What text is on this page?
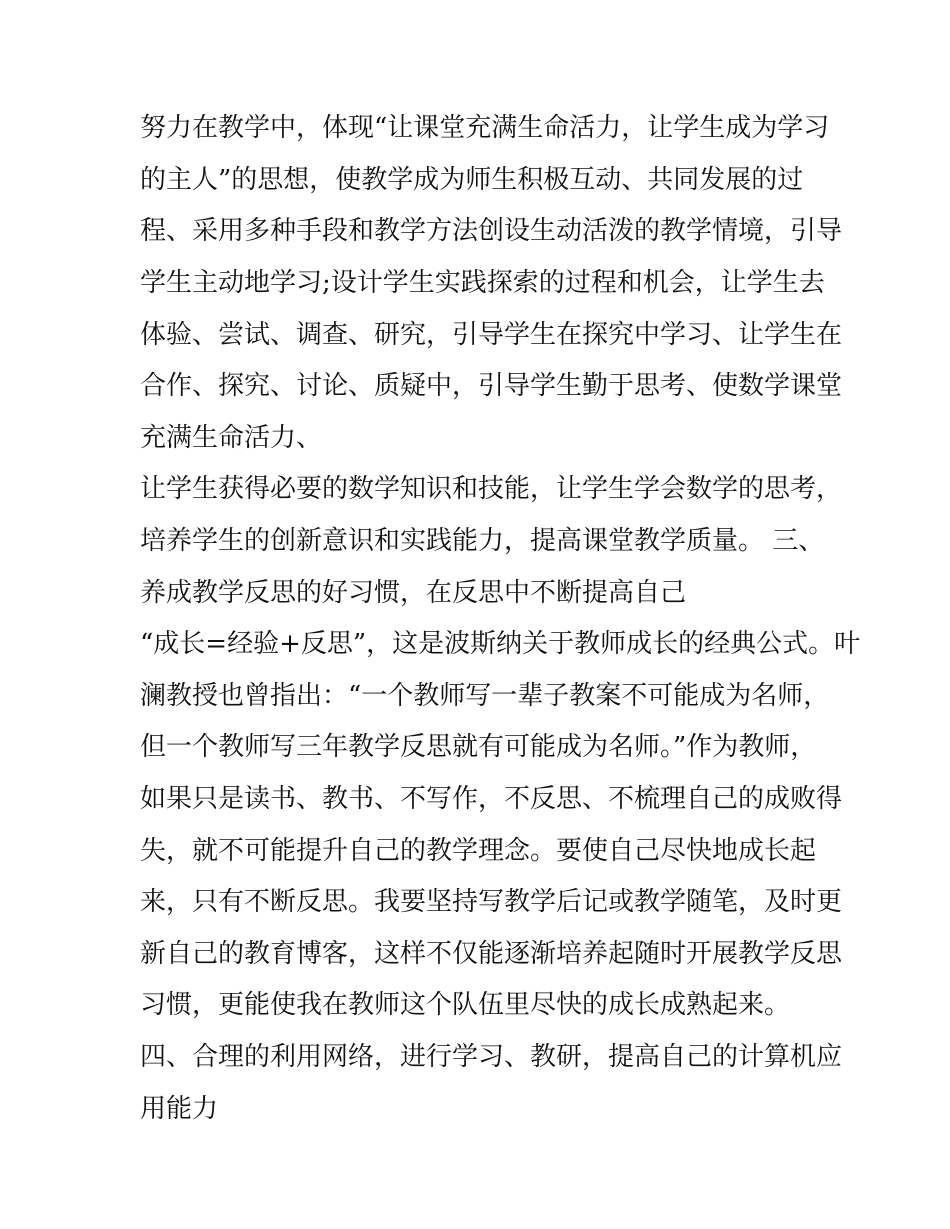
努力在教学中，体现“让课堂充满生命活力，让学生成为学习
的主人”的思想，使教学成为师生积极互动、共同发展的过
程、采用多种手段和教学方法创设生动活泼的教学情境，引导
学生主动地学习;设计学生实践探索的过程和机会，让学生去
体验、尝试、调查、研究，引导学生在探究中学习、让学生在
合作、探究、讨论、质疑中，引导学生勤于思考、使数学课堂
充满生命活力、
让学生获得必要的数学知识和技能，让学生学会数学的思考，
培养学生的创新意识和实践能力，提高课堂教学质量。 三、
养成教学反思的好习惯，在反思中不断提高自己
“成长=经验+反思”，这是波斯纳关于教师成长的经典公式。叶
澜教授也曾指出：“一个教师写一辈子教案不可能成为名师，
但一个教师写三年教学反思就有可能成为名师。”作为教师，
如果只是读书、教书、不写作，不反思、不梳理自己的成败得
失，就不可能提升自己的教学理念。要使自己尽快地成长起
来，只有不断反思。我要坚持写教学后记或教学随笔，及时更
新自己的教育博客，这样不仅能逐渐培养起随时开展教学反思
习惯，更能使我在教师这个队伍里尽快的成长成熟起来。
四、合理的利用网络，进行学习、教研，提高自己的计算机应
用能力
